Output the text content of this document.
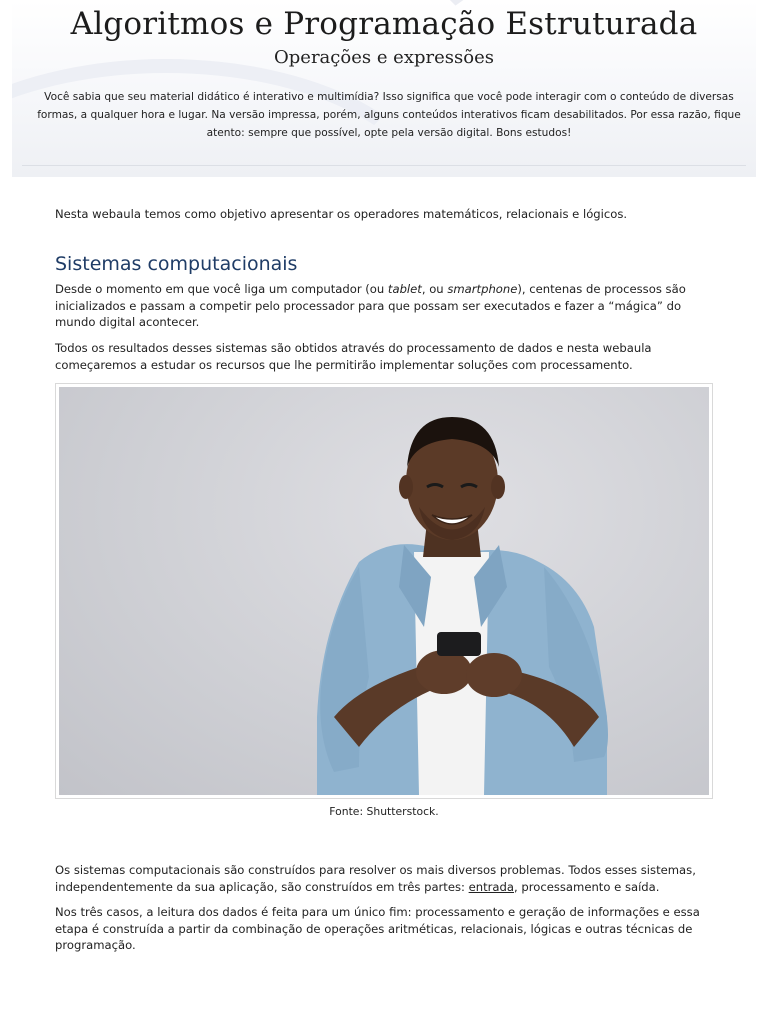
Algoritmos e Programação Estruturada
Operações e expressões
Você sabia que seu material didático é interativo e multimídia? Isso significa que você pode interagir com o conteúdo de diversas formas, a qualquer hora e lugar. Na versão impressa, porém, alguns conteúdos interativos ficam desabilitados. Por essa razão, fique atento: sempre que possível, opte pela versão digital. Bons estudos!

Nesta webaula temos como objetivo apresentar os operadores matemáticos, relacionais e lógicos.

Sistemas computacionais

Desde o momento em que você liga um computador (ou tablet, ou smartphone), centenas de processos são inicializados e passam a competir pelo processador para que possam ser executados e fazer a “mágica” do mundo digital acontecer.

Todos os resultados desses sistemas são obtidos através do processamento de dados e nesta webaula começaremos a estudar os recursos que lhe permitirão implementar soluções com processamento.

Fonte: Shutterstock.

Os sistemas computacionais são construídos para resolver os mais diversos problemas. Todos esses sistemas, independentemente da sua aplicação, são construídos em três partes: entrada, processamento e saída.

Nos três casos, a leitura dos dados é feita para um único fim: processamento e geração de informações e essa etapa é construída a partir da combinação de operações aritméticas, relacionais, lógicas e outras técnicas de programação.
